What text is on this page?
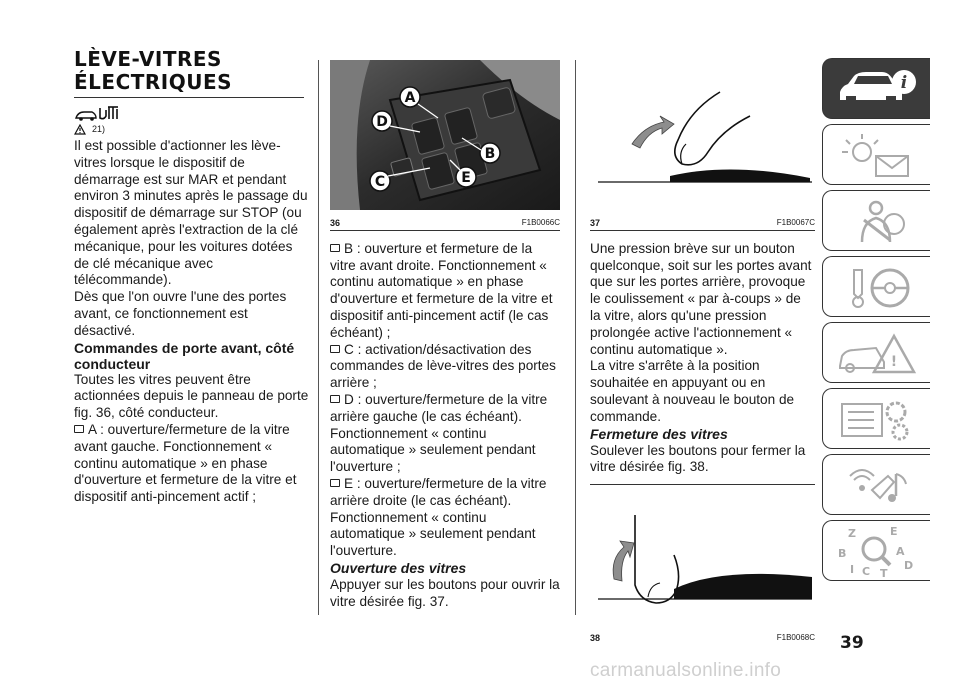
LÈVE-VITRES
ÉLECTRIQUES
21)

Il est possible d'actionner les lève-vitres lorsque le dispositif de démarrage est sur MAR et pendant environ 3 minutes après le passage du dispositif de démarrage sur STOP (ou également après l'extraction de la clé mécanique, pour les voitures dotées de clé mécanique avec télécommande).

Dès que l'on ouvre l'une des portes avant, ce fonctionnement est désactivé.

Commandes de porte avant, côté conducteur

Toutes les vitres peuvent être actionnées depuis le panneau de porte fig. 36, côté conducteur.

A : ouverture/fermeture de la vitre avant gauche. Fonctionnement « continu automatique » en phase d'ouverture et fermeture de la vitre et dispositif anti-pincement actif ;

A
B
C
D
E
36	F1B0066C

B : ouverture et fermeture de la vitre avant droite. Fonctionnement « continu automatique » en phase d'ouverture et fermeture de la vitre et dispositif anti-pincement actif (le cas échéant) ;

C : activation/désactivation des commandes de lève-vitres des portes arrière ;

D : ouverture/fermeture de la vitre arrière gauche (le cas échéant). Fonctionnement « continu automatique » seulement pendant l'ouverture ;

E : ouverture/fermeture de la vitre arrière droite (le cas échéant). Fonctionnement « continu automatique » seulement pendant l'ouverture.

Ouverture des vitres

Appuyer sur les boutons pour ouvrir la vitre désirée fig. 37.

37	F1B0067C

Une pression brève sur un bouton quelconque, soit sur les portes avant que sur les portes arrière, provoque le coulissement « par à-coups » de la vitre, alors qu'une pression prolongée active l'actionnement « continu automatique ».

La vitre s'arrête à la position souhaitée en appuyant ou en soulevant à nouveau le bouton de commande.

Fermeture des vitres

Soulever les boutons pour fermer la vitre désirée fig. 38.

38	F1B0068C
i
!
Z	E
B	A
I C T
D
39
carmanualsonline.info
